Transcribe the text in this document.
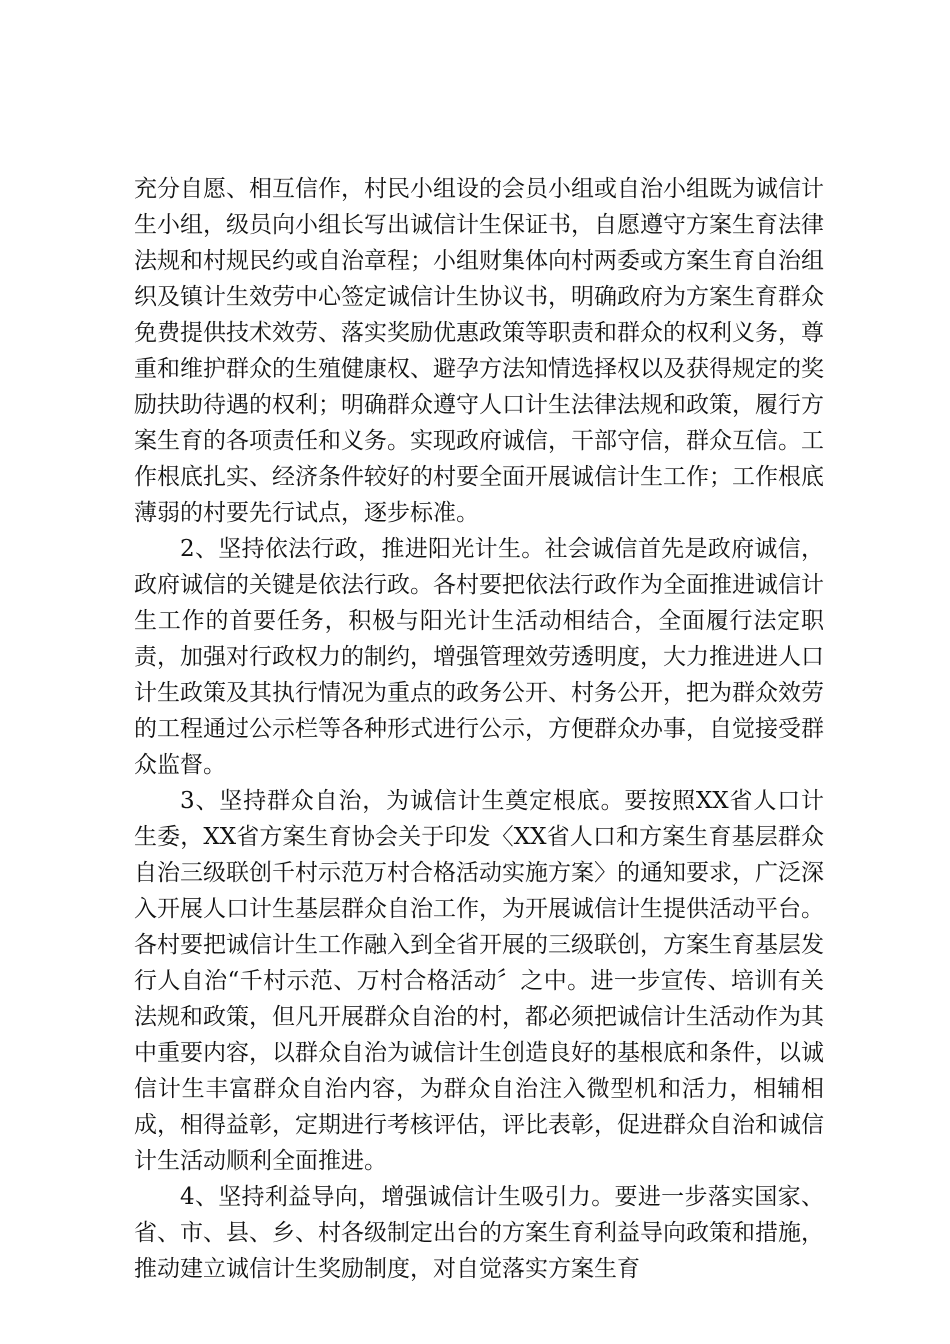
充分自愿、相互信作，村民小组设的会员小组或自治小组既为诚信计生小组，级员向小组长写出诚信计生保证书，自愿遵守方案生育法律法规和村规民约或自治章程；小组财集体向村两委或方案生育自治组织及镇计生效劳中心签定诚信计生协议书，明确政府为方案生育群众免费提供技术效劳、落实奖励优惠政策等职责和群众的权利义务，尊重和维护群众的生殖健康权、避孕方法知情选择权以及获得规定的奖励扶助待遇的权利；明确群众遵守人口计生法律法规和政策，履行方案生育的各项责任和义务。实现政府诚信，干部守信，群众互信。工作根底扎实、经济条件较好的村要全面开展诚信计生工作；工作根底薄弱的村要先行试点，逐步标准。

2、坚持依法行政，推进阳光计生。社会诚信首先是政府诚信，政府诚信的关键是依法行政。各村要把依法行政作为全面推进诚信计生工作的首要任务，积极与阳光计生活动相结合，全面履行法定职责，加强对行政权力的制约，增强管理效劳透明度，大力推进进人口计生政策及其执行情况为重点的政务公开、村务公开，把为群众效劳的工程通过公示栏等各种形式进行公示，方便群众办事，自觉接受群众监督。

3、坚持群众自治，为诚信计生奠定根底。要按照XX省人口计生委，XX省方案生育协会关于印发〈XX省人口和方案生育基层群众自治三级联创千村示范万村合格活动实施方案〉的通知要求，广泛深入开展人口计生基层群众自治工作，为开展诚信计生提供活动平台。各村要把诚信计生工作融入到全省开展的三级联创，方案生育基层发行人自治“千村示范、万村合格活动〞之中。进一步宣传、培训有关法规和政策，但凡开展群众自治的村，都必须把诚信计生活动作为其中重要内容，以群众自治为诚信计生创造良好的基根底和条件，以诚信计生丰富群众自治内容，为群众自治注入微型机和活力，相辅相成，相得益彰，定期进行考核评估，评比表彰，促进群众自治和诚信计生活动顺利全面推进。

4、坚持利益导向，增强诚信计生吸引力。要进一步落实国家、省、市、县、乡、村各级制定出台的方案生育利益导向政策和措施，推动建立诚信计生奖励制度，对自觉落实方案生育
